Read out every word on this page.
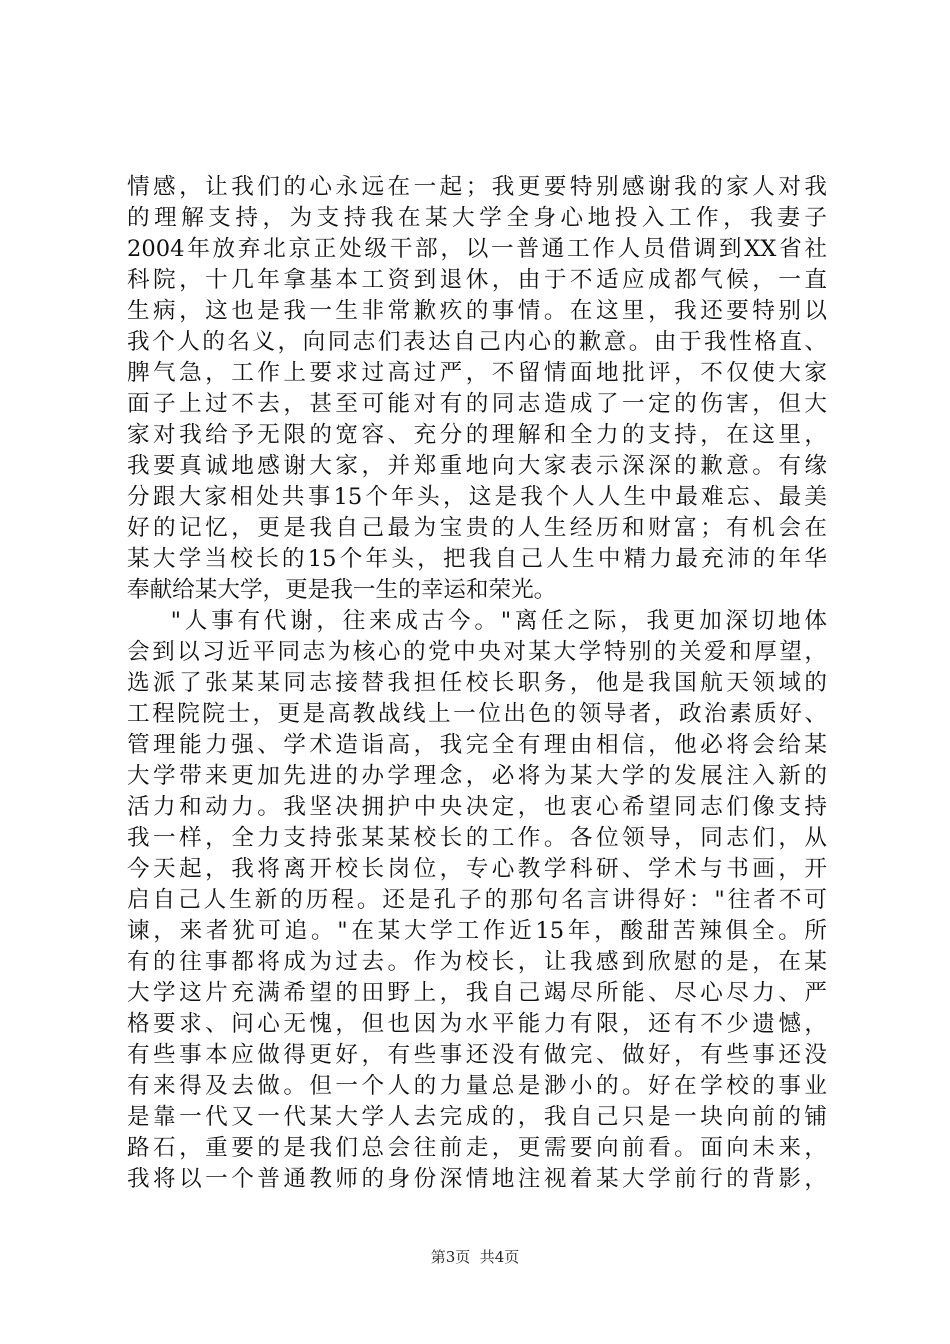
情感，让我们的心永远在一起；我更要特别感谢我的家人对我
的理解支持，为支持我在某大学全身心地投入工作，我妻子
2004年放弃北京正处级干部，以一普通工作人员借调到XX省社
科院，十几年拿基本工资到退休，由于不适应成都气候，一直
生病，这也是我一生非常歉疚的事情。在这里，我还要特别以
我个人的名义，向同志们表达自己内心的歉意。由于我性格直、
脾气急，工作上要求过高过严，不留情面地批评，不仅使大家
面子上过不去，甚至可能对有的同志造成了一定的伤害，但大
家对我给予无限的宽容、充分的理解和全力的支持，在这里，
我要真诚地感谢大家，并郑重地向大家表示深深的歉意。有缘
分跟大家相处共事15个年头，这是我个人人生中最难忘、最美
好的记忆，更是我自己最为宝贵的人生经历和财富；有机会在
某大学当校长的15个年头，把我自己人生中精力最充沛的年华
奉献给某大学，更是我一生的幸运和荣光。
"人事有代谢，往来成古今。"离任之际，我更加深切地体
会到以习近平同志为核心的党中央对某大学特别的关爱和厚望，
选派了张某某同志接替我担任校长职务，他是我国航天领域的
工程院院士，更是高教战线上一位出色的领导者，政治素质好、
管理能力强、学术造诣高，我完全有理由相信，他必将会给某
大学带来更加先进的办学理念，必将为某大学的发展注入新的
活力和动力。我坚决拥护中央决定，也衷心希望同志们像支持
我一样，全力支持张某某校长的工作。各位领导，同志们，从
今天起，我将离开校长岗位，专心教学科研、学术与书画，开
启自己人生新的历程。还是孔子的那句名言讲得好："往者不可
谏，来者犹可追。"在某大学工作近15年，酸甜苦辣俱全。所
有的往事都将成为过去。作为校长，让我感到欣慰的是，在某
大学这片充满希望的田野上，我自己竭尽所能、尽心尽力、严
格要求、问心无愧，但也因为水平能力有限，还有不少遗憾，
有些事本应做得更好，有些事还没有做完、做好，有些事还没
有来得及去做。但一个人的力量总是渺小的。好在学校的事业
是靠一代又一代某大学人去完成的，我自己只是一块向前的铺
路石，重要的是我们总会往前走，更需要向前看。面向未来，
我将以一个普通教师的身份深情地注视着某大学前行的背影，
第3页  共4页
